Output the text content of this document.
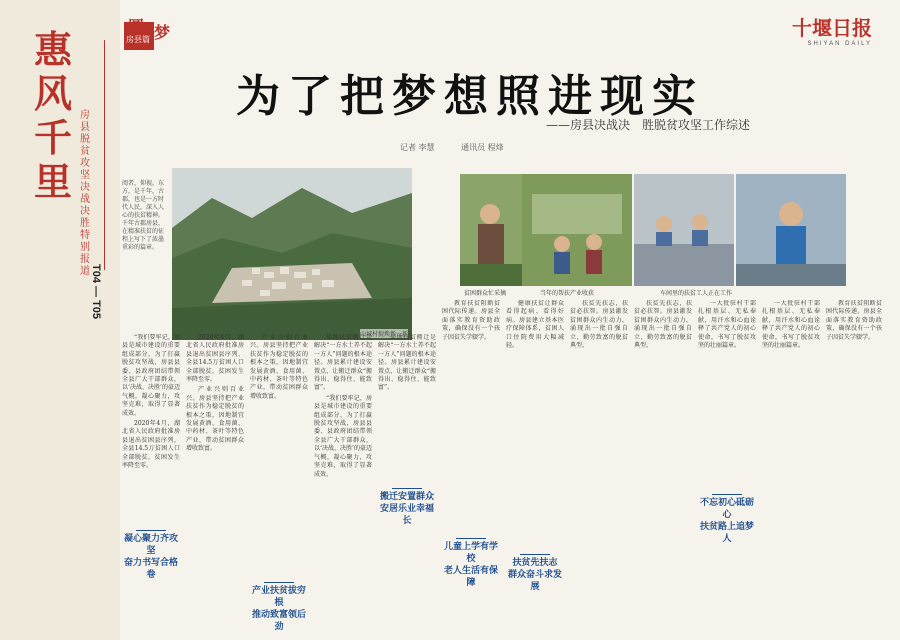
惠
风
千
里
房县脱贫攻坚决战决胜特别报道 T04 — T05
圆
房县篇 梦	十堰日报
SHIYAN DAILY
为了把梦想照进现实
——房县决战决　胜脱贫攻坚工作综述
记者 李慧	通讯员 程烽
阅者，仰视。东方，是千年，古郡，也是一方时代人民，深入人心的扶贫精神。千年古郡房县，在精准扶贫的征程上写下了浓墨重彩的篇章。
山城村貌焕然一新
贫困群众忙采摘	当年的帮扶产业收获	车间里的扶贫工人正在工作

“我们要牢记，房县是城市建设的重要组成部分，为了打赢脱贫攻坚战，房县县委、县政府团结带领全县广大干部群众，以‘决战、决胜’的豪迈气概，凝心聚力，攻坚克难，取得了显著成效。

2020年4月，湖北省人民政府批准房县退出贫困县序列，全县14.5万贫困人口全部脱贫，贫困发生率降至零。

凝心聚力齐攻坚
奋力书写合格卷

2020年4月，湖北省人民政府批准房县退出贫困县序列，全县14.5万贫困人口全部脱贫，贫困发生率降至零。

产业兴则百业兴。房县坚持把产业扶贫作为稳定脱贫的根本之策，因地制宜发展黄酒、食用菌、中药材、茶叶等特色产业，带动贫困群众增收致富。

产业兴则百业兴。房县坚持把产业扶贫作为稳定脱贫的根本之策，因地制宜发展黄酒、食用菌、中药材、茶叶等特色产业，带动贫困群众增收致富。

产业扶贫拔穷根
推动致富领后劲

易地扶贫搬迁是解决“一方水土养不起一方人”问题的根本途径。房县累计建设安置点，让搬迁群众“搬得出、稳得住、能致富”。

“我们要牢记，房县是城市建设的重要组成部分，为了打赢脱贫攻坚战，房县县委、县政府团结带领全县广大干部群众，以‘决战、决胜’的豪迈气概，凝心聚力，攻坚克难，取得了显著成效。

易地扶贫搬迁是解决“一方水土养不起一方人”问题的根本途径。房县累计建设安置点，让搬迁群众“搬得出、稳得住、能致富”。

搬迁安置群众
安居乐业幸福长

教育扶贫阻断贫困代际传递。房县全面落实教育资助政策，确保没有一个孩子因贫失学辍学。

儿童上学有学校
老人生活有保障

健康扶贫让群众看得起病、看得好病。房县建立基本医疗保障体系，贫困人口住院费用大幅减轻。

扶贫先扶志
群众奋斗求发展

扶贫先扶志，扶贫必扶智。房县激发贫困群众内生动力，涌现出一批自强自立、勤劳致富的脱贫典型。

扶贫先扶志，扶贫必扶智。房县激发贫困群众内生动力，涌现出一批自强自立、勤劳致富的脱贫典型。

一大批驻村干部扎根基层、无私奉献，用汗水和心血诠释了共产党人的初心使命，书写了脱贫攻坚的壮丽篇章。

不忘初心砥砺心
扶贫路上追梦人

一大批驻村干部扎根基层、无私奉献，用汗水和心血诠释了共产党人的初心使命，书写了脱贫攻坚的壮丽篇章。

教育扶贫阻断贫困代际传递。房县全面落实教育资助政策，确保没有一个孩子因贫失学辍学。
